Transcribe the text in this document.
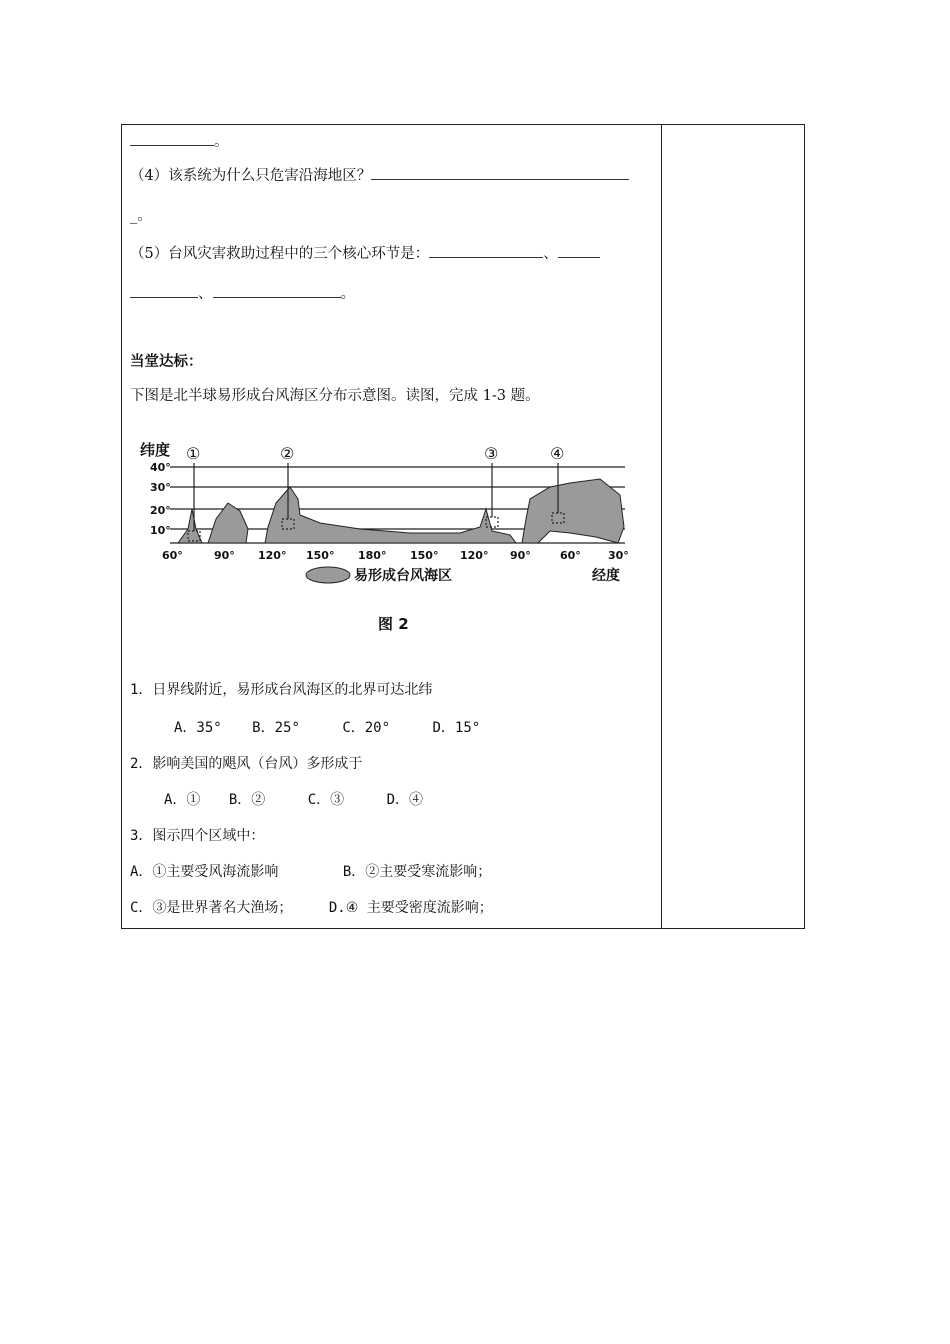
。
（4）该系统为什么只危害沿海地区？
_。
（5）台风灾害救助过程中的三个核心环节是：	、
、	。
当堂达标：
下图是北半球易形成台风海区分布示意图。读图，完成 1-3 题。
纬度
40°
30°
20°
10°
①	②	③	④
60°	90° 120° 150° 180° 150° 120° 90°	60° 30°
易形成台风海区	经度
图 2
1．日界线附近，易形成台风海区的北界可达北纬
A．35° B．25°	C．20°	D．15°
2．影响美国的飓风（台风）多形成于
A．① B．②	C．③	D．④
3．图示四个区域中：
A．①主要受风海流影响	B．②主要受寒流影响；
C．③是世界著名大渔场；	D.④ 主要受密度流影响；
